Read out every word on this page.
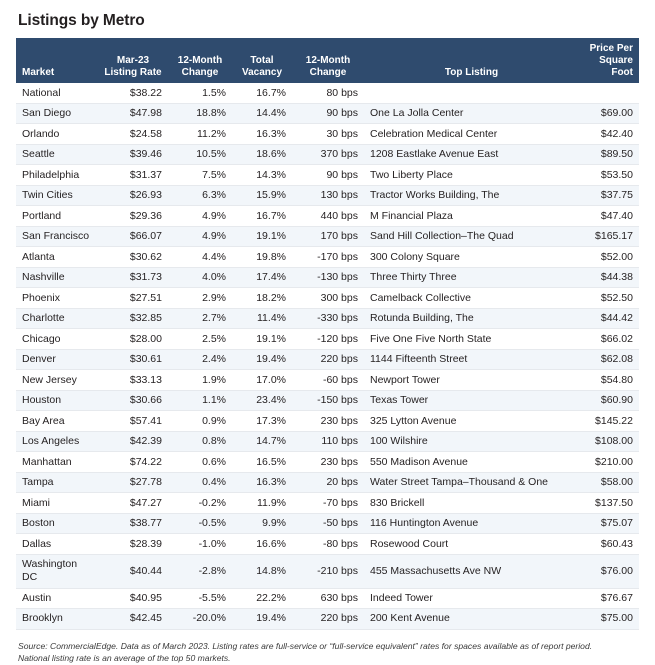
Listings by Metro
Market	Mar-23 Listing Rate	12-Month Change	Total Vacancy	12-Month Change	Top Listing	Price Per Square Foot
National	$38.22	1.5%	16.7%	80 bps		
San Diego	$47.98	18.8%	14.4%	90 bps	One La Jolla Center	$69.00
Orlando	$24.58	11.2%	16.3%	30 bps	Celebration Medical Center	$42.40
Seattle	$39.46	10.5%	18.6%	370 bps	1208 Eastlake Avenue East	$89.50
Philadelphia	$31.37	7.5%	14.3%	90 bps	Two Liberty Place	$53.50
Twin Cities	$26.93	6.3%	15.9%	130 bps	Tractor Works Building, The	$37.75
Portland	$29.36	4.9%	16.7%	440 bps	M Financial Plaza	$47.40
San Francisco	$66.07	4.9%	19.1%	170 bps	Sand Hill Collection–The Quad	$165.17
Atlanta	$30.62	4.4%	19.8%	-170 bps	300 Colony Square	$52.00
Nashville	$31.73	4.0%	17.4%	-130 bps	Three Thirty Three	$44.38
Phoenix	$27.51	2.9%	18.2%	300 bps	Camelback Collective	$52.50
Charlotte	$32.85	2.7%	11.4%	-330 bps	Rotunda Building, The	$44.42
Chicago	$28.00	2.5%	19.1%	-120 bps	Five One Five North State	$66.02
Denver	$30.61	2.4%	19.4%	220 bps	1144 Fifteenth Street	$62.08
New Jersey	$33.13	1.9%	17.0%	-60 bps	Newport Tower	$54.80
Houston	$30.66	1.1%	23.4%	-150 bps	Texas Tower	$60.90
Bay Area	$57.41	0.9%	17.3%	230 bps	325 Lytton Avenue	$145.22
Los Angeles	$42.39	0.8%	14.7%	110 bps	100 Wilshire	$108.00
Manhattan	$74.22	0.6%	16.5%	230 bps	550 Madison Avenue	$210.00
Tampa	$27.78	0.4%	16.3%	20 bps	Water Street Tampa–Thousand & One	$58.00
Miami	$47.27	-0.2%	11.9%	-70 bps	830 Brickell	$137.50
Boston	$38.77	-0.5%	9.9%	-50 bps	116 Huntington Avenue	$75.07
Dallas	$28.39	-1.0%	16.6%	-80 bps	Rosewood Court	$60.43
Washington DC	$40.44	-2.8%	14.8%	-210 bps	455 Massachusetts Ave NW	$76.00
Austin	$40.95	-5.5%	22.2%	630 bps	Indeed Tower	$76.67
Brooklyn	$42.45	-20.0%	19.4%	220 bps	200 Kent Avenue	$75.00
Source: CommercialEdge. Data as of March 2023. Listing rates are full-service or “full-service equivalent” rates for spaces available as of report period. National listing rate is an average of the top 50 markets.
